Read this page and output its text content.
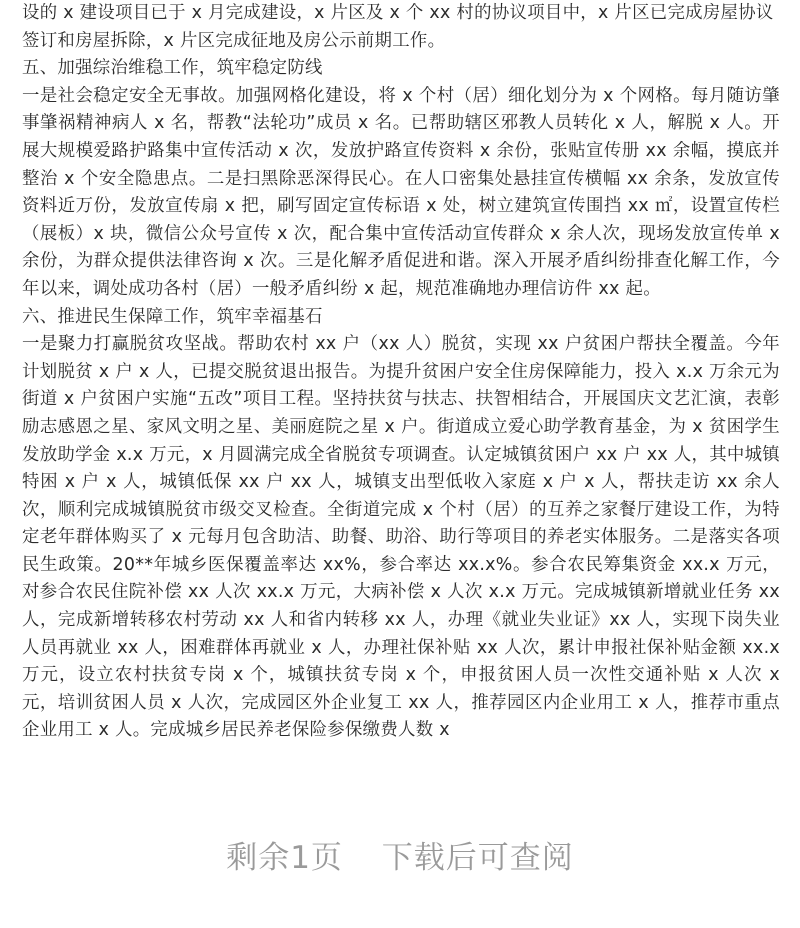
设的 x 建设项目已于 x 月完成建设，x 片区及 x 个 xx 村的协议项目中，x 片区已完成房屋协议

签订和房屋拆除，x 片区完成征地及房公示前期工作。

五、加强综治维稳工作，筑牢稳定防线

一是社会稳定安全无事故。加强网格化建设，将 x 个村（居）细化划分为 x 个网格。每月随访肇事肇祸精神病人 x 名，帮教“法轮功”成员 x 名。已帮助辖区邪教人员转化 x 人，解脱 x 人。开展大规模爱路护路集中宣传活动 x 次，发放护路宣传资料 x 余份，张贴宣传册 xx 余幅，摸底并整治 x 个安全隐患点。二是扫黑除恶深得民心。在人口密集处悬挂宣传横幅 xx 余条，发放宣传资料近万份，发放宣传扇 x 把，刷写固定宣传标语 x 处，树立建筑宣传围挡 xx ㎡，设置宣传栏（展板）x 块，微信公众号宣传 x 次，配合集中宣传活动宣传群众 x 余人次，现场发放宣传单 x 余份，为群众提供法律咨询 x 次。三是化解矛盾促进和谐。深入开展矛盾纠纷排查化解工作，今年以来，调处成功各村（居）一般矛盾纠纷 x 起，规范准确地办理信访件 xx 起。

六、推进民生保障工作，筑牢幸福基石

一是聚力打赢脱贫攻坚战。帮助农村 xx 户（xx 人）脱贫，实现 xx 户贫困户帮扶全覆盖。今年计划脱贫 x 户 x 人，已提交脱贫退出报告。为提升贫困户安全住房保障能力，投入 x.x 万余元为街道 x 户贫困户实施“五改”项目工程。坚持扶贫与扶志、扶智相结合，开展国庆文艺汇演，表彰励志感恩之星、家风文明之星、美丽庭院之星 x 户。街道成立爱心助学教育基金，为 x 贫困学生发放助学金 x.x 万元，x 月圆满完成全省脱贫专项调查。认定城镇贫困户 xx 户 xx 人，其中城镇特困 x 户 x 人，城镇低保 xx 户 xx 人，城镇支出型低收入家庭 x 户 x 人，帮扶走访 xx 余人次，顺利完成城镇脱贫市级交叉检查。全街道完成 x 个村（居）的互养之家餐厅建设工作，为特定老年群体购买了 x 元每月包含助洁、助餐、助浴、助行等项目的养老实体服务。二是落实各项民生政策。20**年城乡医保覆盖率达 xx%，参合率达 xx.x%。参合农民筹集资金 xx.x 万元，对参合农民住院补偿 xx 人次 xx.x 万元，大病补偿 x 人次 x.x 万元。完成城镇新增就业任务 xx 人，完成新增转移农村劳动 xx 人和省内转移 xx 人，办理《就业失业证》xx 人，实现下岗失业人员再就业 xx 人，困难群体再就业 x 人，办理社保补贴 xx 人次，累计申报社保补贴金额 xx.x 万元，设立农村扶贫专岗 x 个，城镇扶贫专岗 x 个，申报贫困人员一次性交通补贴 x 人次 x 元，培训贫困人员 x 人次，完成园区外企业复工 xx 人，推荐园区内企业用工 x 人，推荐市重点企业用工 x 人。完成城乡居民养老保险参保缴费人数 x

剩余1页 下载后可查阅
